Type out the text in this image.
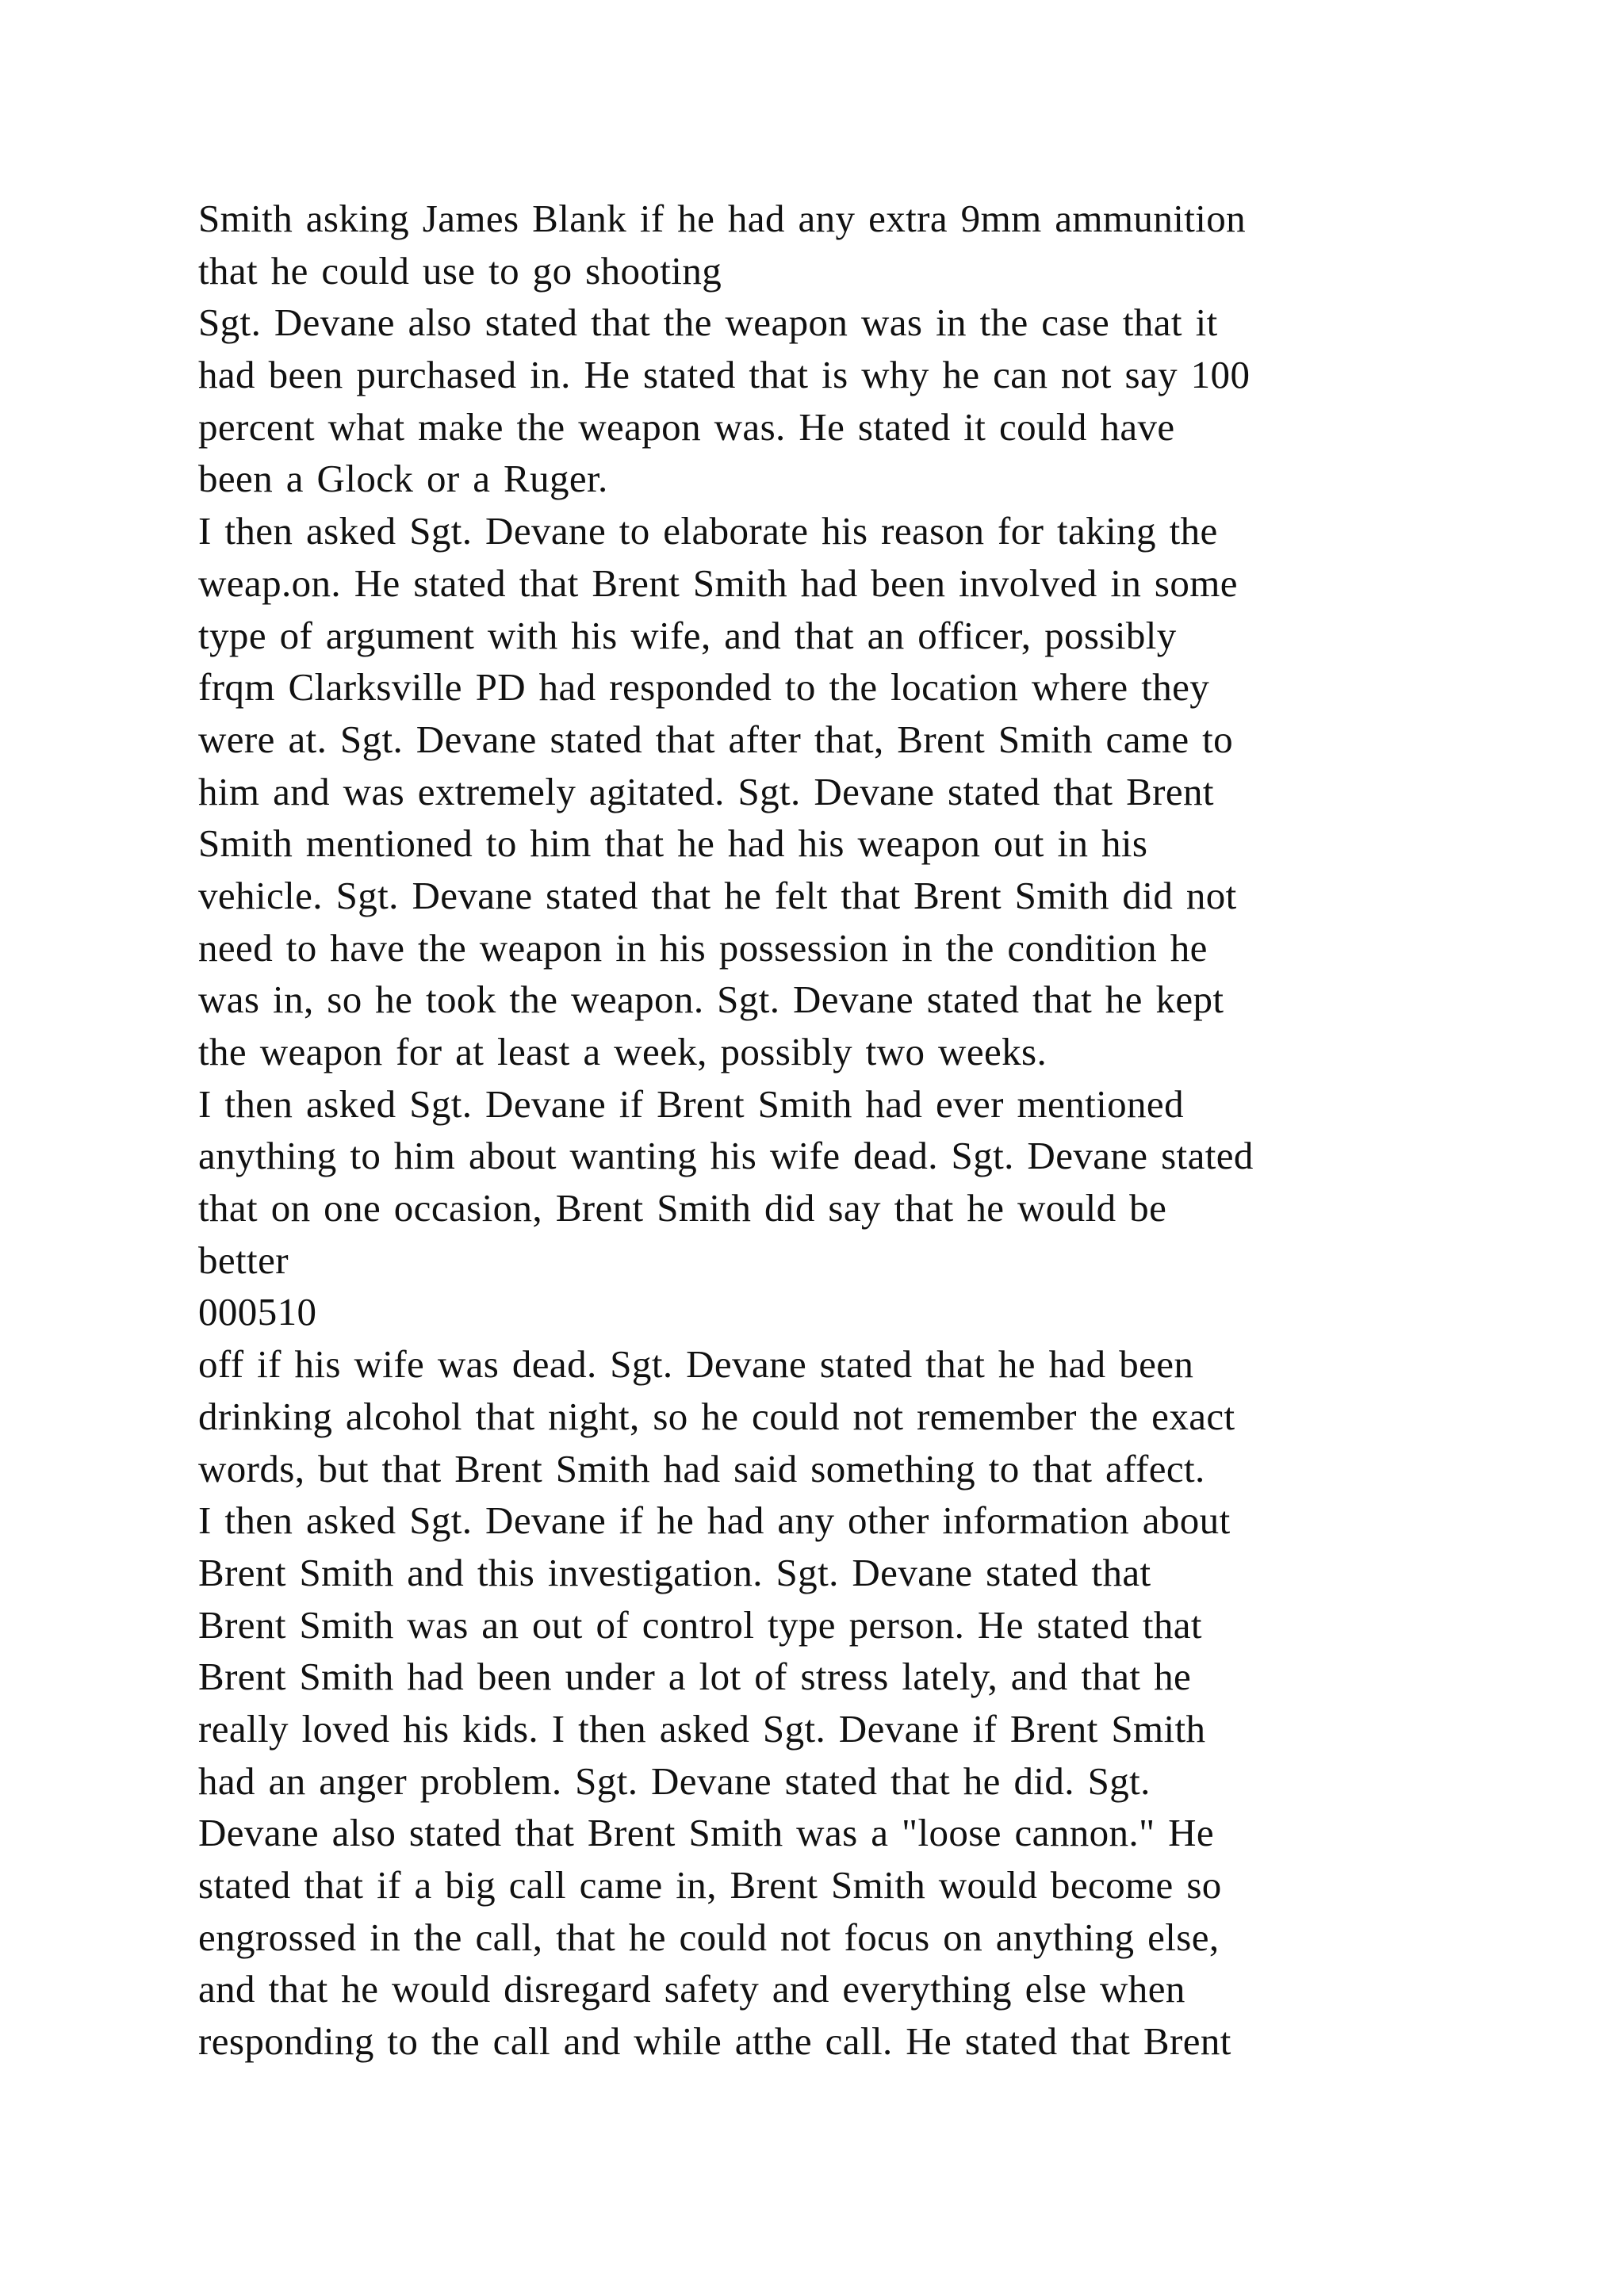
Smith asking James Blank if he had any extra 9mm ammunition
that he could use to go shooting
Sgt. Devane also stated that the weapon was in the case that it
had been purchased in. He stated that is why he can not say 100
percent what make the weapon was. He stated it could have
been a Glock or a Ruger.
I then asked Sgt. Devane to elaborate his reason for taking the
weap.on. He stated that Brent Smith had been involved in some
type of argument with his wife, and that an officer, possibly
frqm Clarksville PD had responded to the location where they
were at. Sgt. Devane stated that after that, Brent Smith came to
him and was extremely agitated. Sgt. Devane stated that Brent
Smith mentioned to him that he had his weapon out in his
vehicle. Sgt. Devane stated that he felt that Brent Smith did not
need to have the weapon in his possession in the condition he
was in, so he took the weapon. Sgt. Devane stated that he kept
the weapon for at least a week, possibly two weeks.
I then asked Sgt. Devane if Brent Smith had ever mentioned
anything to him about wanting his wife dead. Sgt. Devane stated
that on one occasion, Brent Smith did say that he would be
better
000510
off if his wife was dead. Sgt. Devane stated that he had been
drinking alcohol that night, so he could not remember the exact
words, but that Brent Smith had said something to that affect.
I then asked Sgt. Devane if he had any other information about
Brent Smith and this investigation. Sgt. Devane stated that
Brent Smith was an out of control type person. He stated that
Brent Smith had been under a lot of stress lately, and that he
really loved his kids. I then asked Sgt. Devane if Brent Smith
had an anger problem. Sgt. Devane stated that he did. Sgt.
Devane also stated that Brent Smith was a "loose cannon." He
stated that if a big call came in, Brent Smith would become so
engrossed in the call, that he could not focus on anything else,
and that he would disregard safety and everything else when
responding to the call and while atthe call. He stated that Brent
